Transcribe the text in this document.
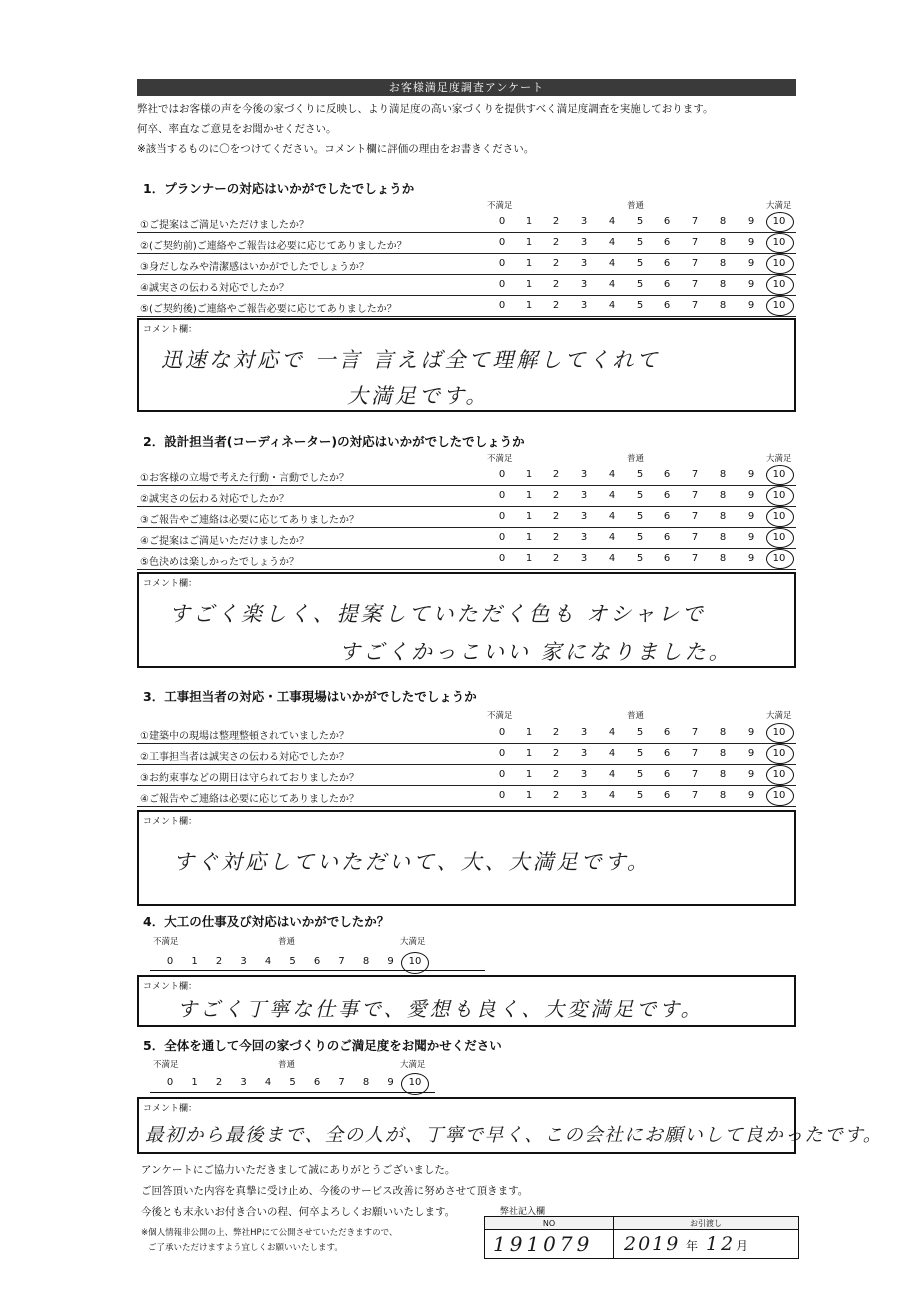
お客様満足度調査アンケート
弊社ではお客様の声を今後の家づくりに反映し、より満足度の高い家づくりを提供すべく満足度調査を実施しております。
何卒、率直なご意見をお聞かせください。
※該当するものに〇をつけてください。コメント欄に評価の理由をお書きください。
1．プランナーの対応はいかがでしたでしょうか
不満足	普通	大満足
①ご提案はご満足いただけましたか？	0	1	2	3	4	5	6	7	8	9	10
②(ご契約前)ご連絡やご報告は必要に応じてありましたか？	0	1	2	3	4	5	6	7	8	9	10
③身だしなみや清潔感はいかがでしたでしょうか？	0	1	2	3	4	5	6	7	8	9	10
④誠実さの伝わる対応でしたか？	0	1	2	3	4	5	6	7	8	9	10
⑤(ご契約後)ご連絡やご報告必要に応じてありましたか？	0	1	2	3	4	5	6	7	8	9	10
コメント欄：
迅速な対応で 一言 言えば全て理解してくれて
大満足です。
2．設計担当者(コーディネーター)の対応はいかがでしたでしょうか
不満足	普通	大満足
①お客様の立場で考えた行動・言動でしたか？	0	1	2	3	4	5	6	7	8	9	10
②誠実さの伝わる対応でしたか？	0	1	2	3	4	5	6	7	8	9	10
③ご報告やご連絡は必要に応じてありましたか？	0	1	2	3	4	5	6	7	8	9	10
④ご提案はご満足いただけましたか？	0	1	2	3	4	5	6	7	8	9	10
⑤色決めは楽しかったでしょうか？	0	1	2	3	4	5	6	7	8	9	10
コメント欄：
すごく楽しく、提案していただく色も オシャレで
すごくかっこいい 家になりました。
3．工事担当者の対応・工事現場はいかがでしたでしょうか
不満足	普通	大満足
①建築中の現場は整理整頓されていましたか？	0	1	2	3	4	5	6	7	8	9	10
②工事担当者は誠実さの伝わる対応でしたか？	0	1	2	3	4	5	6	7	8	9	10
③お約束事などの期日は守られておりましたか？	0	1	2	3	4	5	6	7	8	9	10
④ご報告やご連絡は必要に応じてありましたか？	0	1	2	3	4	5	6	7	8	9	10
コメント欄：
すぐ対応していただいて、大、大満足です。
4．大工の仕事及び対応はいかがでしたか？
不満足	普通	大満足
0	1	2	3	4	5	6	7	8	9	10
コメント欄：
すごく丁寧な仕事で、愛想も良く、大変満足です。
5．全体を通して今回の家づくりのご満足度をお聞かせください
不満足	普通	大満足
0	1	2	3	4	5	6	7	8	9	10
コメント欄：
最初から最後まで、全の人が、丁寧で早く、この会社にお願いして良かったです。
アンケートにご協力いただきまして誠にありがとうございました。
ご回答頂いた内容を真摯に受け止め、今後のサービス改善に努めさせて頂きます。
今後とも末永いお付き合いの程、何卒よろしくお願いいたします。
※個人情報非公開の上、弊社HPにて公開させていただきますので、
ご了承いただけますよう宜しくお願いいたします。
弊社記入欄
NO	お引渡し

191079	2019 年 12 月
